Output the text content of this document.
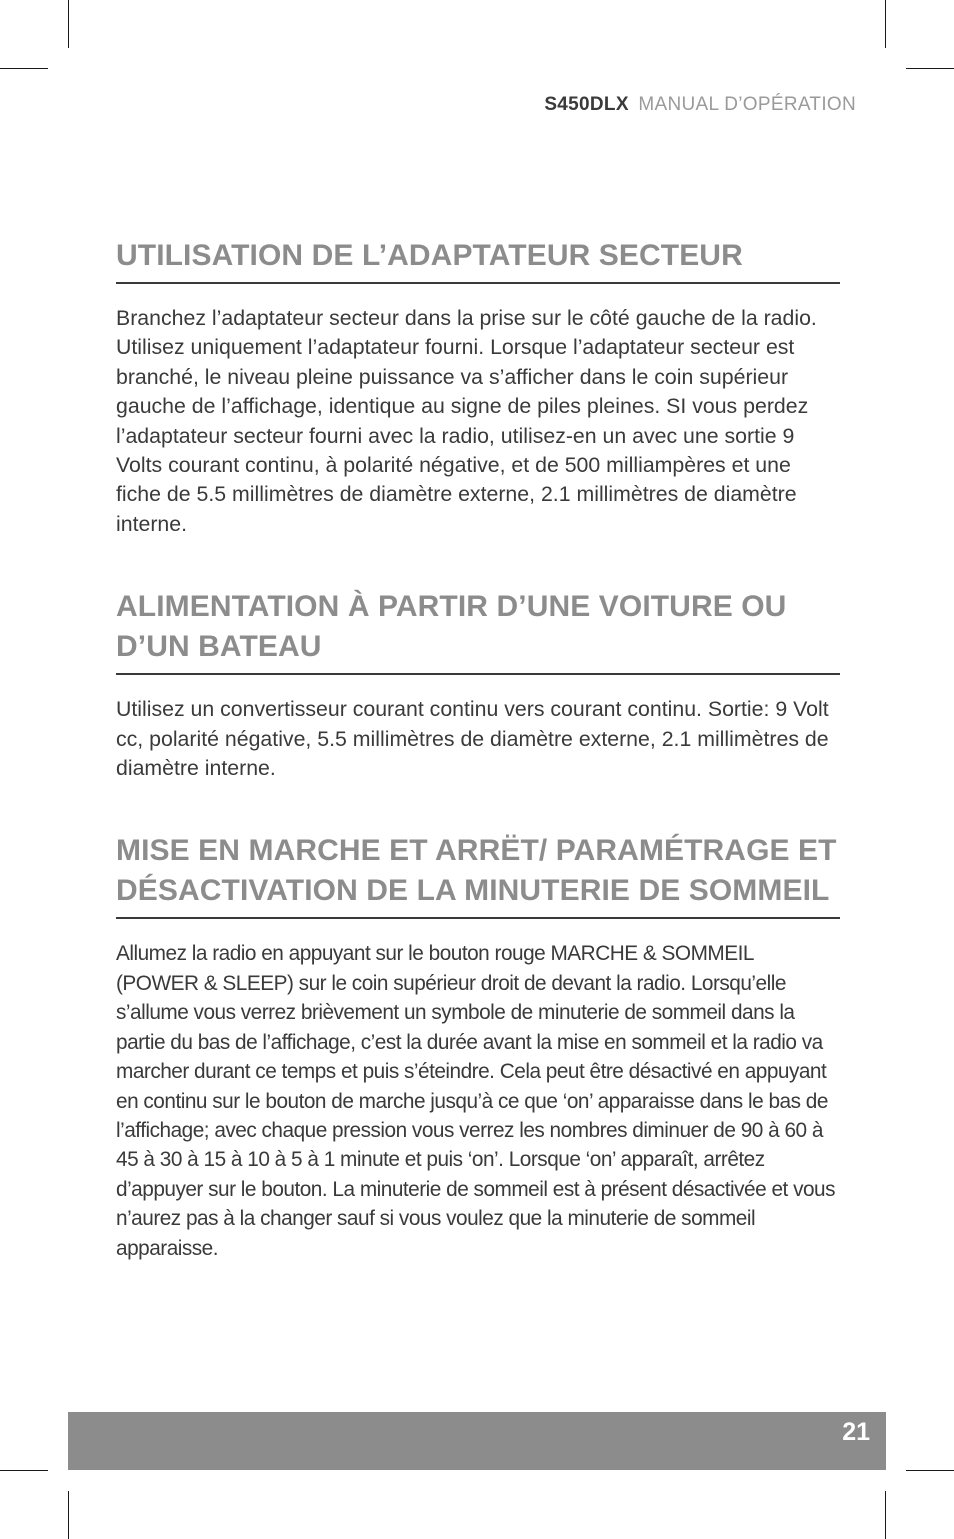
S450DLX MANUAL D’OPÉRATION
UTILISATION DE L’ADAPTATEUR SECTEUR

Branchez l’adaptateur secteur dans la prise sur le côté gauche de la radio. Utilisez uniquement l’adaptateur fourni. Lorsque l’adaptateur secteur est branché, le niveau pleine puissance va s’afficher dans le coin supérieur gauche de l’affichage, identique au signe de piles pleines. SI vous perdez l’adaptateur secteur fourni avec la radio, utilisez-en un avec une sortie 9 Volts courant continu, à polarité négative, et de 500 milliampères et une fiche de 5.5 millimètres de diamètre externe, 2.1 millimètres de diamètre interne.

ALIMENTATION À PARTIR D’UNE VOITURE OU D’UN BATEAU

Utilisez un convertisseur courant continu vers courant continu. Sortie: 9 Volt cc, polarité négative, 5.5 millimètres de diamètre externe, 2.1 millimètres de diamètre interne.

MISE EN MARCHE ET ARRËT/ PARAMÉTRAGE ET DÉSACTIVATION DE LA MINUTERIE DE SOMMEIL

Allumez la radio en appuyant sur le bouton rouge MARCHE & SOMMEIL (POWER & SLEEP) sur le coin supérieur droit de devant la radio. Lorsqu’elle s’allume vous verrez brièvement un symbole de minuterie de sommeil dans la partie du bas de l’affichage, c’est la durée avant la mise en sommeil et la radio va marcher durant ce temps et puis s’éteindre. Cela peut être désactivé en appuyant en continu sur le bouton de marche jusqu’à ce que ‘on’ apparaisse dans le bas de l’affichage; avec chaque pression vous verrez les nombres diminuer de 90 à 60 à 45 à 30 à 15 à 10 à 5 à 1 minute et puis ‘on’. Lorsque ‘on’ apparaît, arrêtez d’appuyer sur le bouton. La minuterie de sommeil est à présent désactivée et vous n’aurez pas à la changer sauf si vous voulez que la minuterie de sommeil apparaisse.

21
